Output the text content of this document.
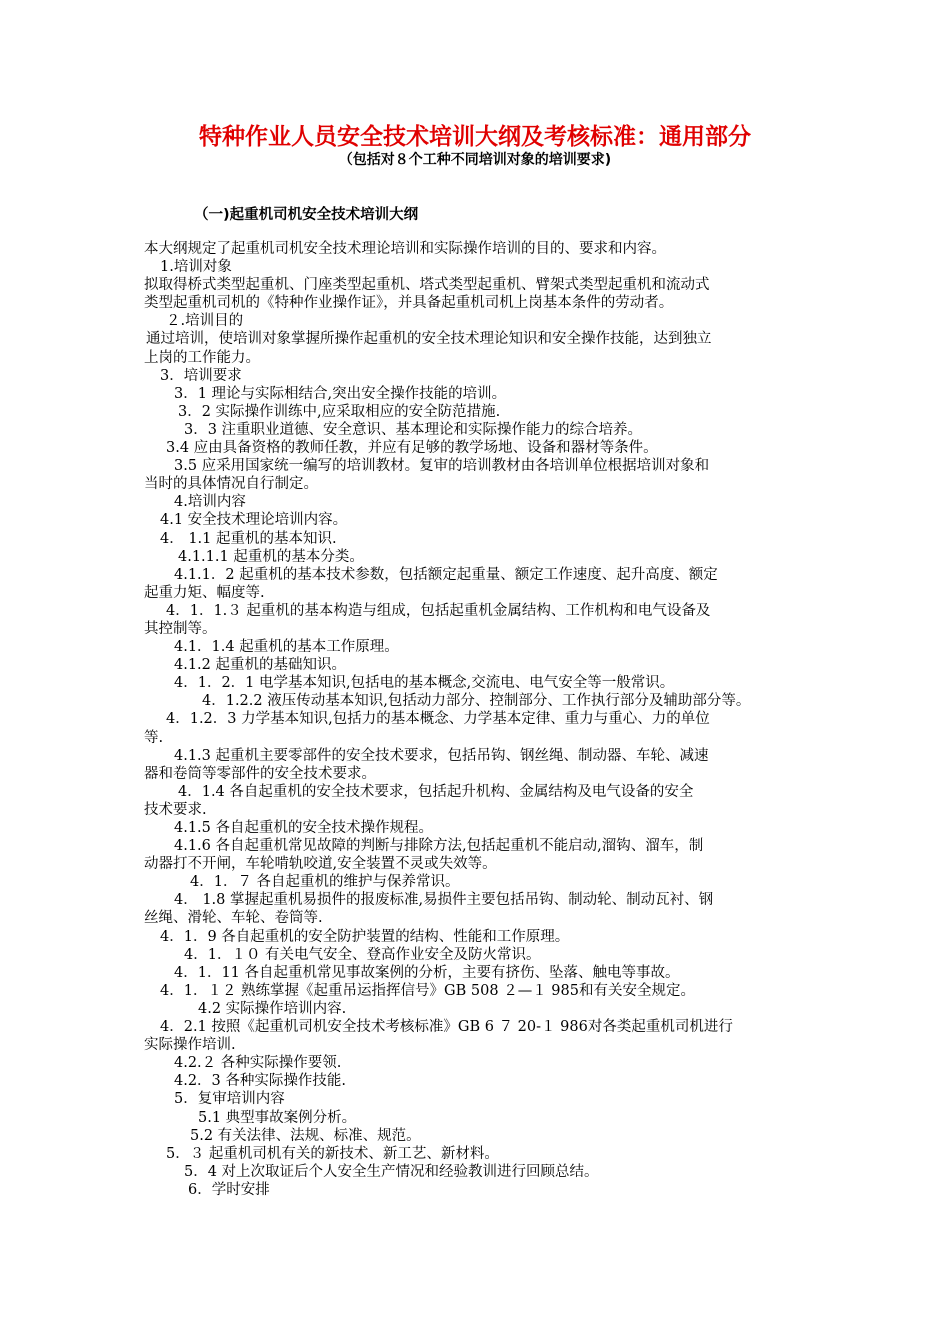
特种作业人员安全技术培训大纲及考核标准：通用部分
（包括对８个工种不同培训对象的培训要求)
（一)起重机司机安全技术培训大纲
本大纲规定了起重机司机安全技术理论培训和实际操作培训的目的、要求和内容。
1.培训对象
拟取得桥式类型起重机、门座类型起重机、塔式类型起重机、臂架式类型起重机和流动式
类型起重机司机的《特种作业操作证》，并具备起重机司机上岗基本条件的劳动者。
２.培训目的
通过培训，使培训对象掌握所操作起重机的安全技术理论知识和安全操作技能，达到独立
上岗的工作能力。
3．培训要求
3．1 理论与实际相结合,突出安全操作技能的培训。
3．2 实际操作训练中,应采取相应的安全防范措施.
3．3 注重职业道德、安全意识、基本理论和实际操作能力的综合培养。
3.4 应由具备资格的教师任教，并应有足够的教学场地、设备和器材等条件。
3.5 应采用国家统一编写的培训教材。复审的培训教材由各培训单位根据培训对象和
当时的具体情况自行制定。
4.培训内容
4.1 安全技术理论培训内容。
4． 1.1 起重机的基本知识.
4.1.1.1 起重机的基本分类。
4.1.1．2 起重机的基本技术参数，包括额定起重量、额定工作速度、起升高度、额定
起重力矩、幅度等.
4．1．1.３ 起重机的基本构造与组成，包括起重机金属结构、工作机构和电气设备及
其控制等。
4.1．1.4 起重机的基本工作原理。
4.1.2 起重机的基础知识。
4．1．2．1 电学基本知识,包括电的基本概念,交流电、电气安全等一般常识。
4．1.2.2 液压传动基本知识,包括动力部分、控制部分、工作执行部分及辅助部分等。
4．1.2．3 力学基本知识,包括力的基本概念、力学基本定律、重力与重心、力的单位
等.
4.1.3 起重机主要零部件的安全技术要求，包括吊钩、钢丝绳、制动器、车轮、减速
器和卷筒等零部件的安全技术要求。
4．1.4 各自起重机的安全技术要求，包括起升机构、金属结构及电气设备的安全
技术要求.
4.1.5 各自起重机的安全技术操作规程。
4.1.6 各自起重机常见故障的判断与排除方法,包括起重机不能启动,溜钩、溜车，制
动器打不开闸，车轮啃轨咬道,安全装置不灵或失效等。
4．1．７ 各自起重机的维护与保养常识。
4． 1.8 掌握起重机易损件的报废标准,易损件主要包括吊钩、制动轮、制动瓦衬、钢
丝绳、滑轮、车轮、卷筒等.
4．1．9 各自起重机的安全防护装置的结构、性能和工作原理。
4．1．１０ 有关电气安全、登高作业安全及防火常识。
4．1．11 各自起重机常见事故案例的分析，主要有挤伤、坠落、触电等事故。
4．1．１２ 熟练掌握《起重吊运指挥信号》GB 508 ２—１ 985和有关安全规定。
4.2 实际操作培训内容.
4．2.1 按照《起重机司机安全技术考核标准》GB 6 ７ 20-１ 986对各类起重机司机进行
实际操作培训.
4.2.２ 各种实际操作要领.
4.2．3 各种实际操作技能.
5．复审培训内容
5.1 典型事故案例分析。
5.2 有关法律、法规、标准、规范。
5．３ 起重机司机有关的新技术、新工艺、新材料。
5．4 对上次取证后个人安全生产情况和经验教训进行回顾总结。
6．学时安排
